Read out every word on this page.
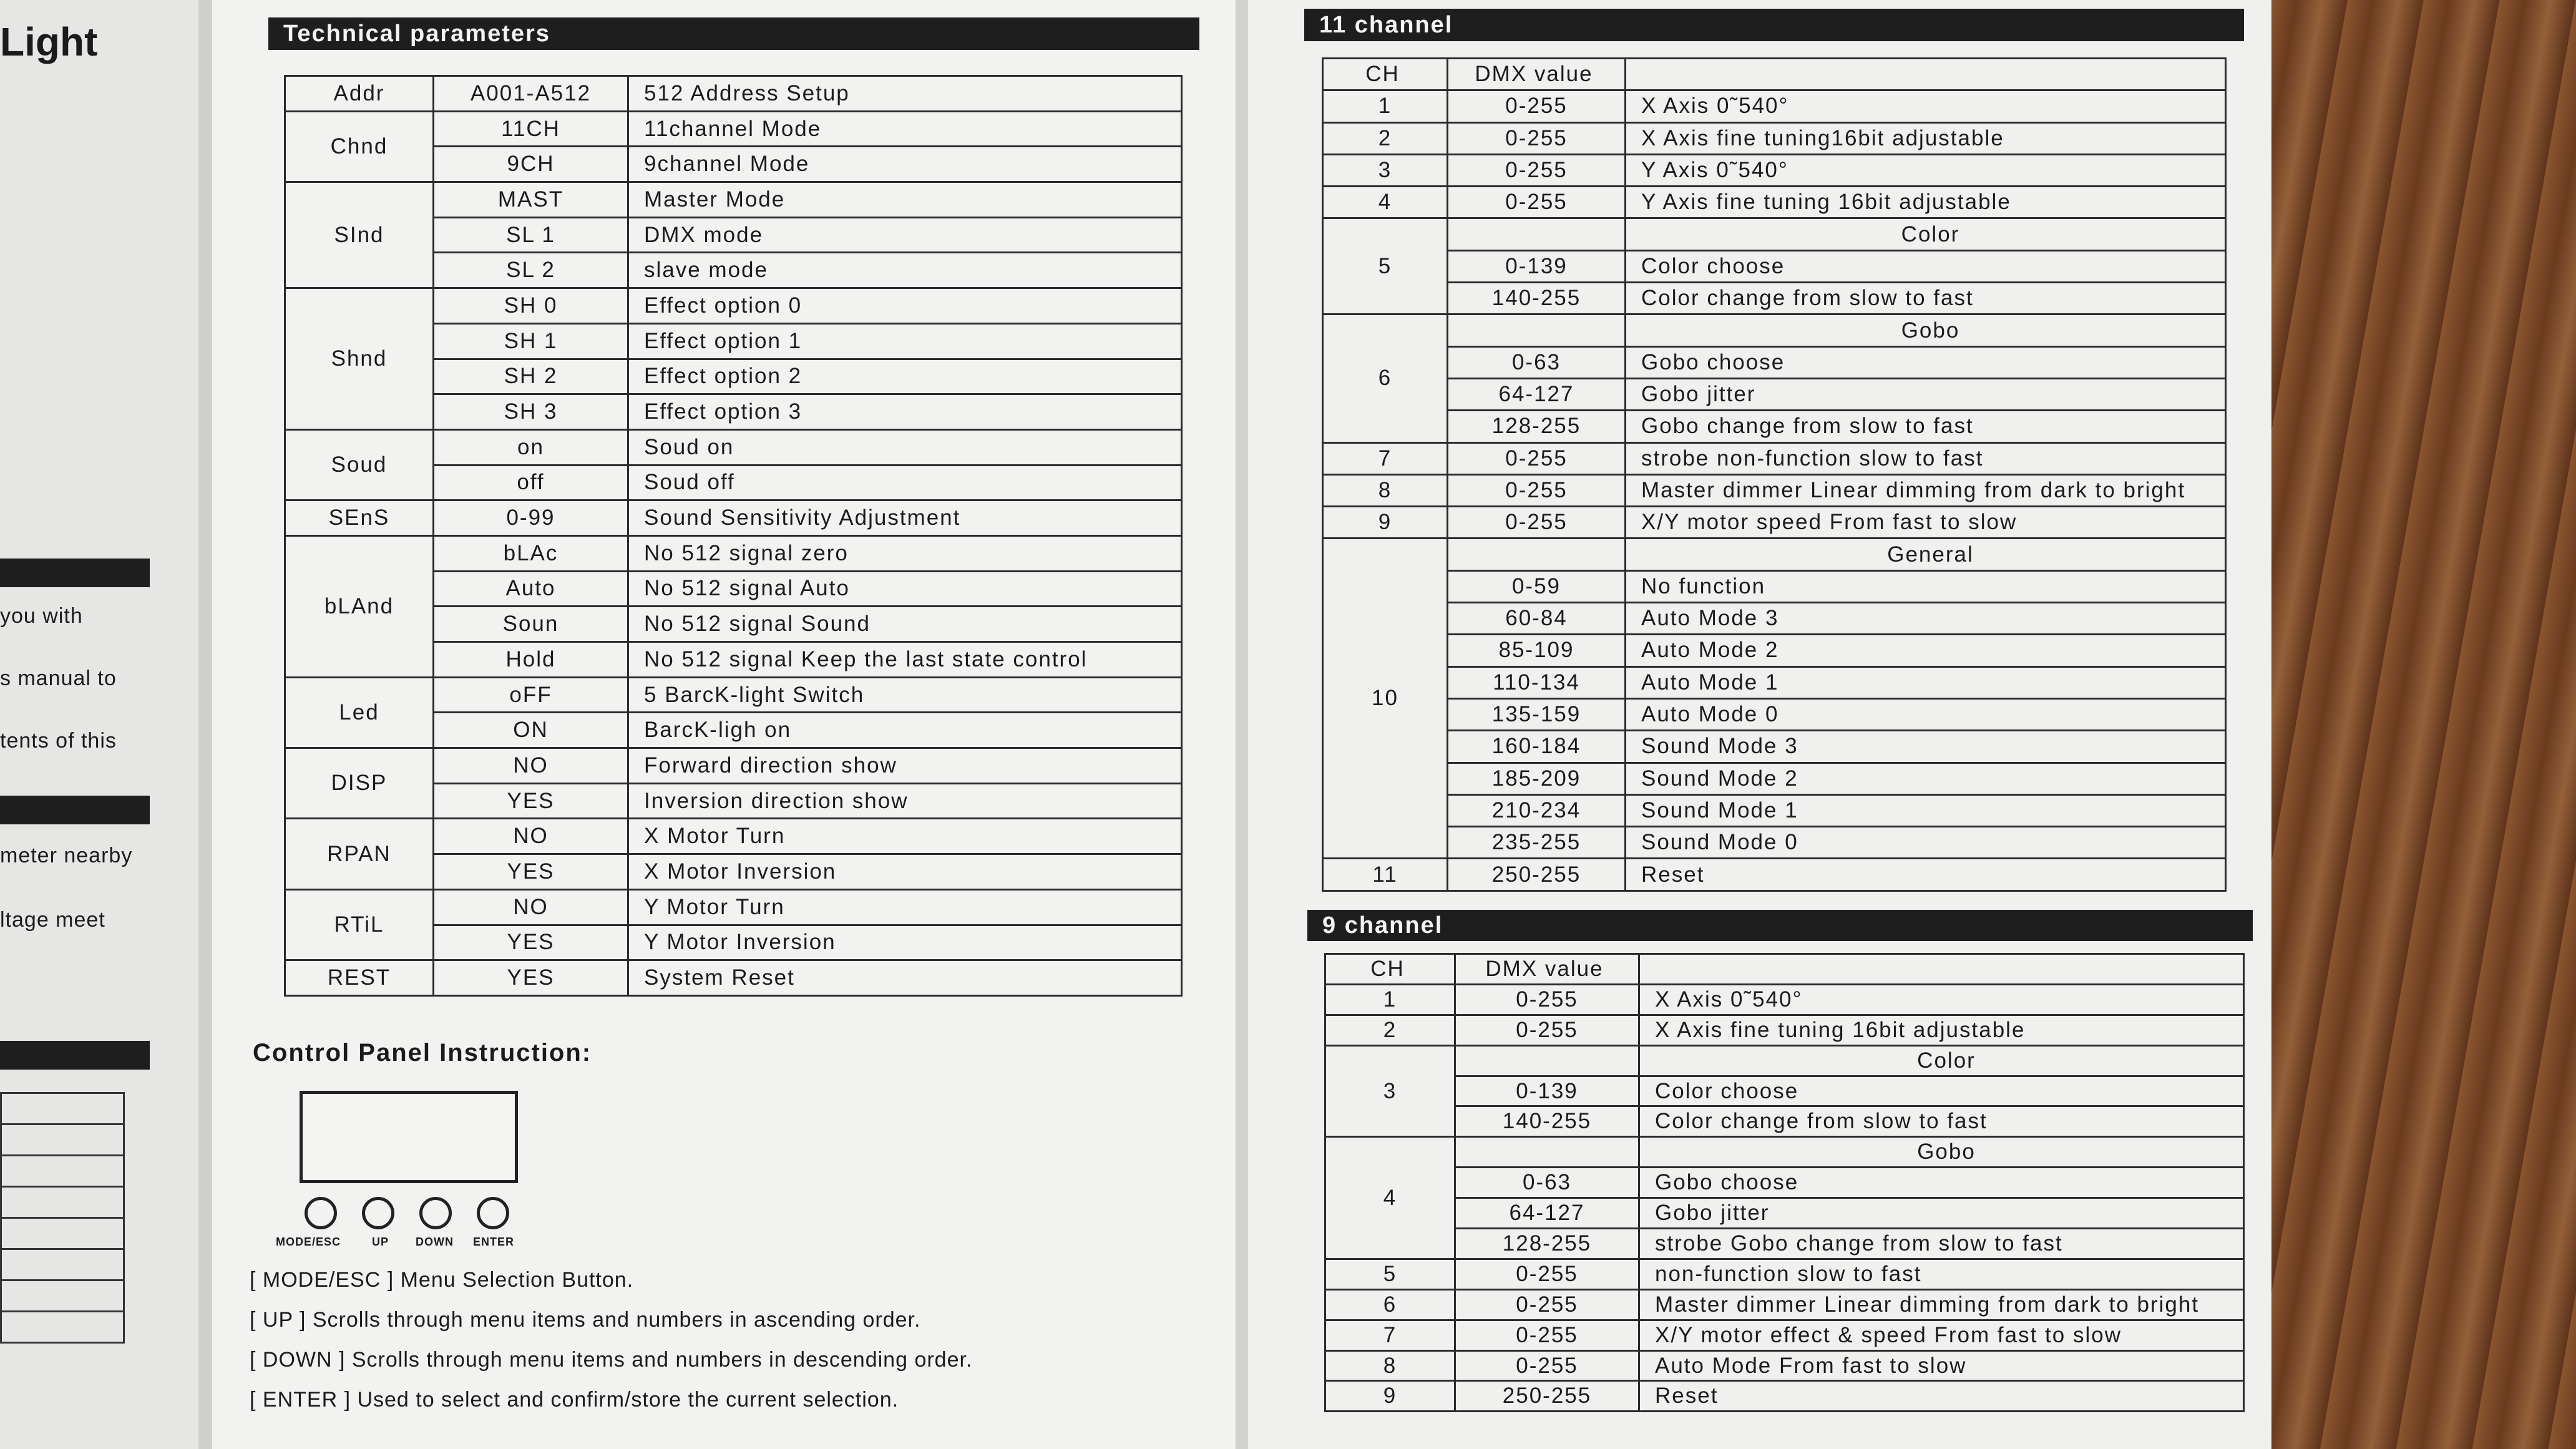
Light
you with
s manual to
tents of this
meter nearby
ltage meet

Technical parameters
Addr	A001-A512	512 Address Setup
Chnd	11CH	11channel Mode
	9CH	9channel Mode
SInd	MAST	Master Mode
	SL 1	DMX mode
	SL 2	slave mode
Shnd	SH 0	Effect option 0
	SH 1	Effect option 1
	SH 2	Effect option 2
	SH 3	Effect option 3
Soud	on	Soud on
	off	Soud off
SEnS	0-99	Sound Sensitivity Adjustment
bLAnd	bLAc	No 512 signal zero
	Auto	No 512 signal Auto
	Soun	No 512 signal Sound
	Hold	No 512 signal Keep the last state control
Led	oFF	5 BarcK-light Switch
	ON	BarcK-ligh on
DISP	NO	Forward direction show
	YES	Inversion direction show
RPAN	NO	X Motor Turn
	YES	X Motor Inversion
RTiL	NO	Y Motor Turn
	YES	Y Motor Inversion
REST	YES	System Reset
Control Panel Instruction:
MODE/ESC	UP DOWN ENTER
[ MODE/ESC ] Menu Selection Button.
[ UP ] Scrolls through menu items and numbers in ascending order.
[ DOWN ] Scrolls through menu items and numbers in descending order.
[ ENTER ] Used to select and confirm/store the current selection.
11 channel
CH	DMX value	
1	0-255	X Axis 0˜540°
2	0-255	X Axis fine tuning16bit adjustable
3	0-255	Y Axis 0˜540°
4	0-255	Y Axis fine tuning 16bit adjustable
5		Color
	0-139	Color choose
	140-255	Color change from slow to fast
6		Gobo
	0-63	Gobo choose
	64-127	Gobo jitter
	128-255	Gobo change from slow to fast
7	0-255	strobe non-function slow to fast
8	0-255	Master dimmer Linear dimming from dark to bright
9	0-255	X/Y motor speed From fast to slow
10		General
	0-59	No function
	60-84	Auto Mode 3
	85-109	Auto Mode 2
	110-134	Auto Mode 1
	135-159	Auto Mode 0
	160-184	Sound Mode 3
	185-209	Sound Mode 2
	210-234	Sound Mode 1
	235-255	Sound Mode 0
11	250-255	Reset
9 channel
CH	DMX value	
1	0-255	X Axis 0˜540°
2	0-255	X Axis fine tuning 16bit adjustable
3		Color
	0-139	Color choose
	140-255	Color change from slow to fast
4		Gobo
	0-63	Gobo choose
	64-127	Gobo jitter
	128-255	strobe Gobo change from slow to fast
5	0-255	non-function slow to fast
6	0-255	Master dimmer Linear dimming from dark to bright
7	0-255	X/Y motor effect & speed From fast to slow
8	0-255	Auto Mode From fast to slow
9	250-255	Reset
